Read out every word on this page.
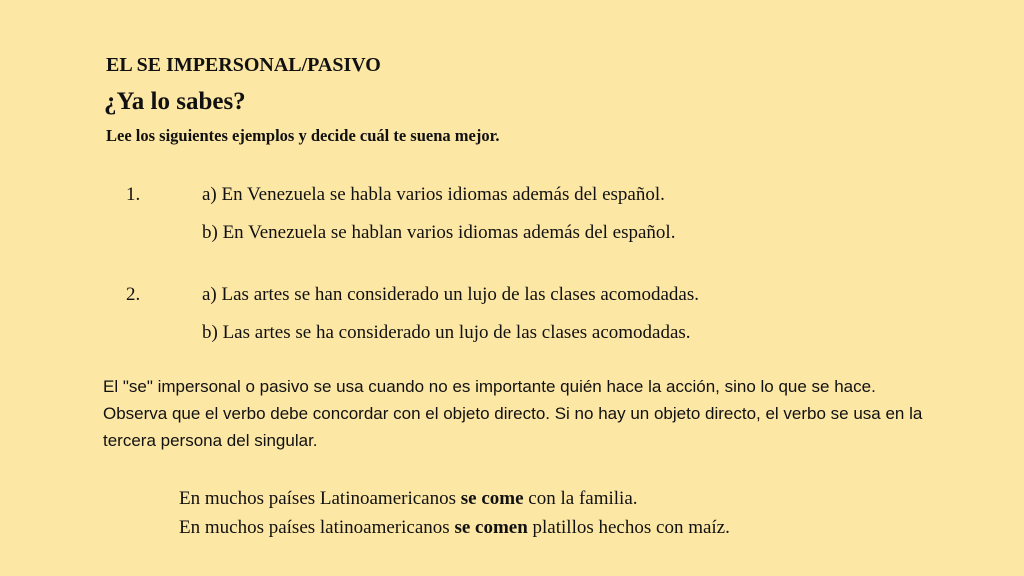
EL SE IMPERSONAL/PASIVO
¿Ya lo sabes?
Lee los siguientes ejemplos y decide cuál te suena mejor.
1.	a) En Venezuela se habla varios idiomas además del español.
b) En Venezuela se hablan varios idiomas además del español.
2.	a) Las artes se han considerado un lujo de las clases acomodadas.
b) Las artes se ha considerado un lujo de las clases acomodadas.
El "se" impersonal o pasivo se usa cuando no es importante quién hace la acción, sino lo que se hace. Observa que el verbo debe concordar con el objeto directo. Si no hay un objeto directo, el verbo se usa en la tercera persona del singular.
En muchos países Latinoamericanos se come con la familia.
En muchos países latinoamericanos se comen platillos hechos con maíz.
